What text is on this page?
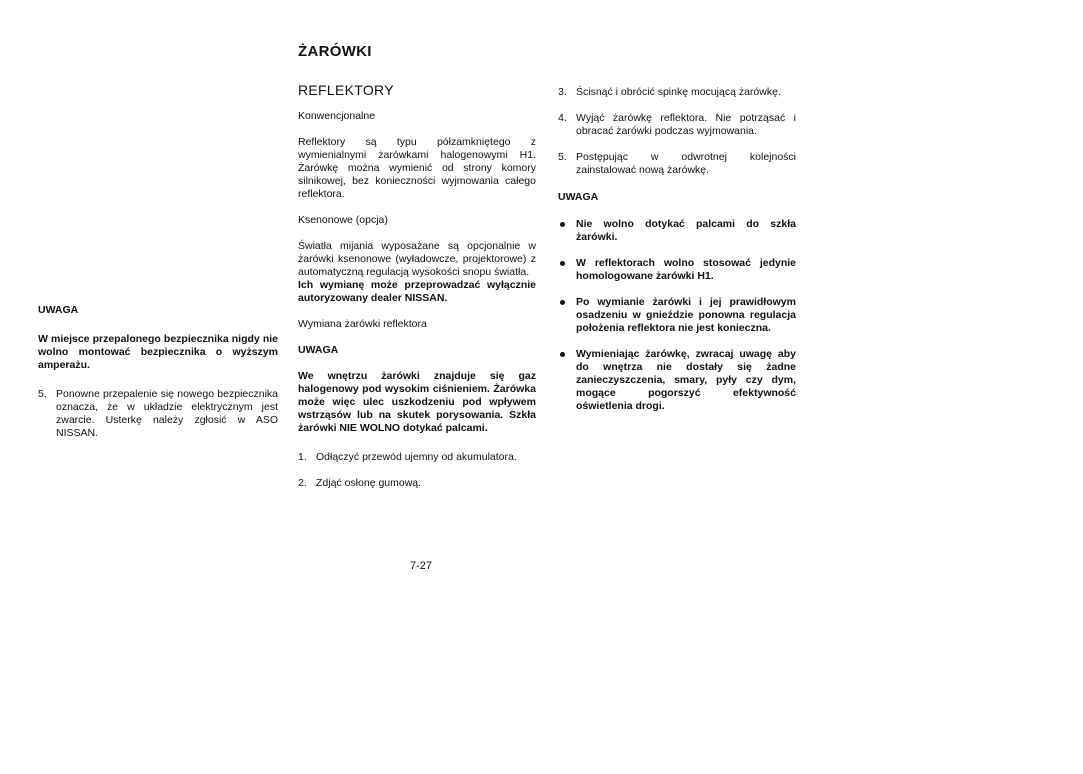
ŻARÓWKI
UWAGA
W miejsce przepalonego bezpiecznika nigdy nie wolno montować bezpiecznika o wyższym amperażu.
5. Ponowne przepalenie się nowego bezpiecznika oznacza, że w układzie elektrycznym jest zwarcie. Usterkę należy zgłosić w ASO NISSAN.
REFLEKTORY
Konwencjonalne
Reflektory są typu półzamkniętego z wymienialnymi żarówkami halogenowymi H1. Żarówkę można wymienić od strony komory silnikowej, bez konieczności wyjmowania całego reflektora.
Ksenonowe (opcja)
Światła mijania wyposażane są opcjonalnie w żarówki ksenonowe (wyładowcze, projektorowe) z automatyczną regulacją wysokości snopu światła.
Ich wymianę może przeprowadzać wyłącznie autoryzowany dealer NISSAN.
Wymiana żarówki reflektora
UWAGA
We wnętrzu żarówki znajduje się gaz halogenowy pod wysokim ciśnieniem. Żarówka może więc ulec uszkodzeniu pod wpływem wstrząsów lub na skutek porysowania. Szkła żarówki NIE WOLNO dotykać palcami.
1. Odłączyć przewód ujemny od akumulatora.
2. Zdjąć osłonę gumową.
3. Ścisnąć i obrócić spinkę mocującą żarówkę.
4. Wyjąć żarówkę reflektora. Nie potrząsać i obracać żarówki podczas wyjmowania.
5. Postępując w odwrotnej kolejności zainstalować nową żarówkę.
UWAGA
Nie wolno dotykać palcami do szkła żarówki.
W reflektorach wolno stosować jedynie homologowane żarówki H1.
Po wymianie żarówki i jej prawidłowym osadzeniu w gnieździe ponowna regulacja położenia reflektora nie jest konieczna.
Wymieniając żarówkę, zwracaj uwagę aby do wnętrza nie dostały się żadne zanieczyszczenia, smary, pyły czy dym, mogące pogorszyć efektywność oświetlenia drogi.
7-27
